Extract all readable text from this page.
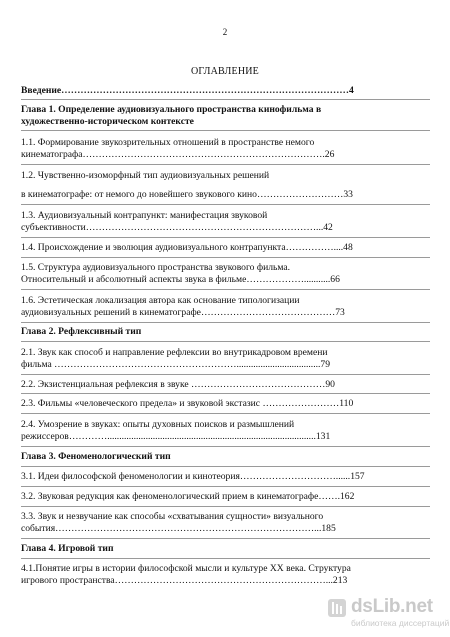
2
ОГЛАВЛЕНИЕ
Введение………………………………………………………………………………4
Глава 1. Определение аудиовизуального пространства кинофильма в
художественно-историческом контексте
1.1. Формирование звукозрительных отношений в пространстве немого
кинематографа………………………………………………………………….26
1.2. Чувственно-изоморфный тип аудиовизуальных решений
в кинематографе: от немого до новейшего звукового кино………………………33
1.3. Аудиовизуальный контрапункт: манифестация звуковой
субъективности………………………………………………………………...42
1.4. Происхождение и эволюция аудиовизуального контрапункта……………....48
1.5. Структура аудиовизуального пространства звукового фильма.
Относительный и абсолютный аспекты звука в фильме………………...........66
1.6. Эстетическая локализация автора как основание типологизации
аудиовизуальных решений в кинематографе……………………………………73
Глава 2. Рефлексивный тип
2.1. Звук как способ и направление рефлексии во внутрикадровом времени
фильма …………………………………………………...................................79
2.2. Экзистенциальная рефлексия в звуке ……………………………………90
2.3. Фильмы «человеческого предела» и звуковой экстазис ……………………110
2.4. Умозрение в звуках: опыты духовных поисков и размышлений
режиссеров………….......................................................................................131
Глава 3. Феноменологический тип
3.1. Идеи философской феноменологии и кинотеория…………………………......157
3.2. Звуковая редукция как феноменологический прием в кинематографе…….162
3.3. Звук и незвучание как способы «схватывания сущности» визуального
события………………………………………………………………………...185
Глава 4. Игровой тип
4.1.Понятие игры в истории философской мысли и культуре XX века. Структура
игрового пространства…………………………………………………………...213
dsLib.net
библиотека диссертаций
